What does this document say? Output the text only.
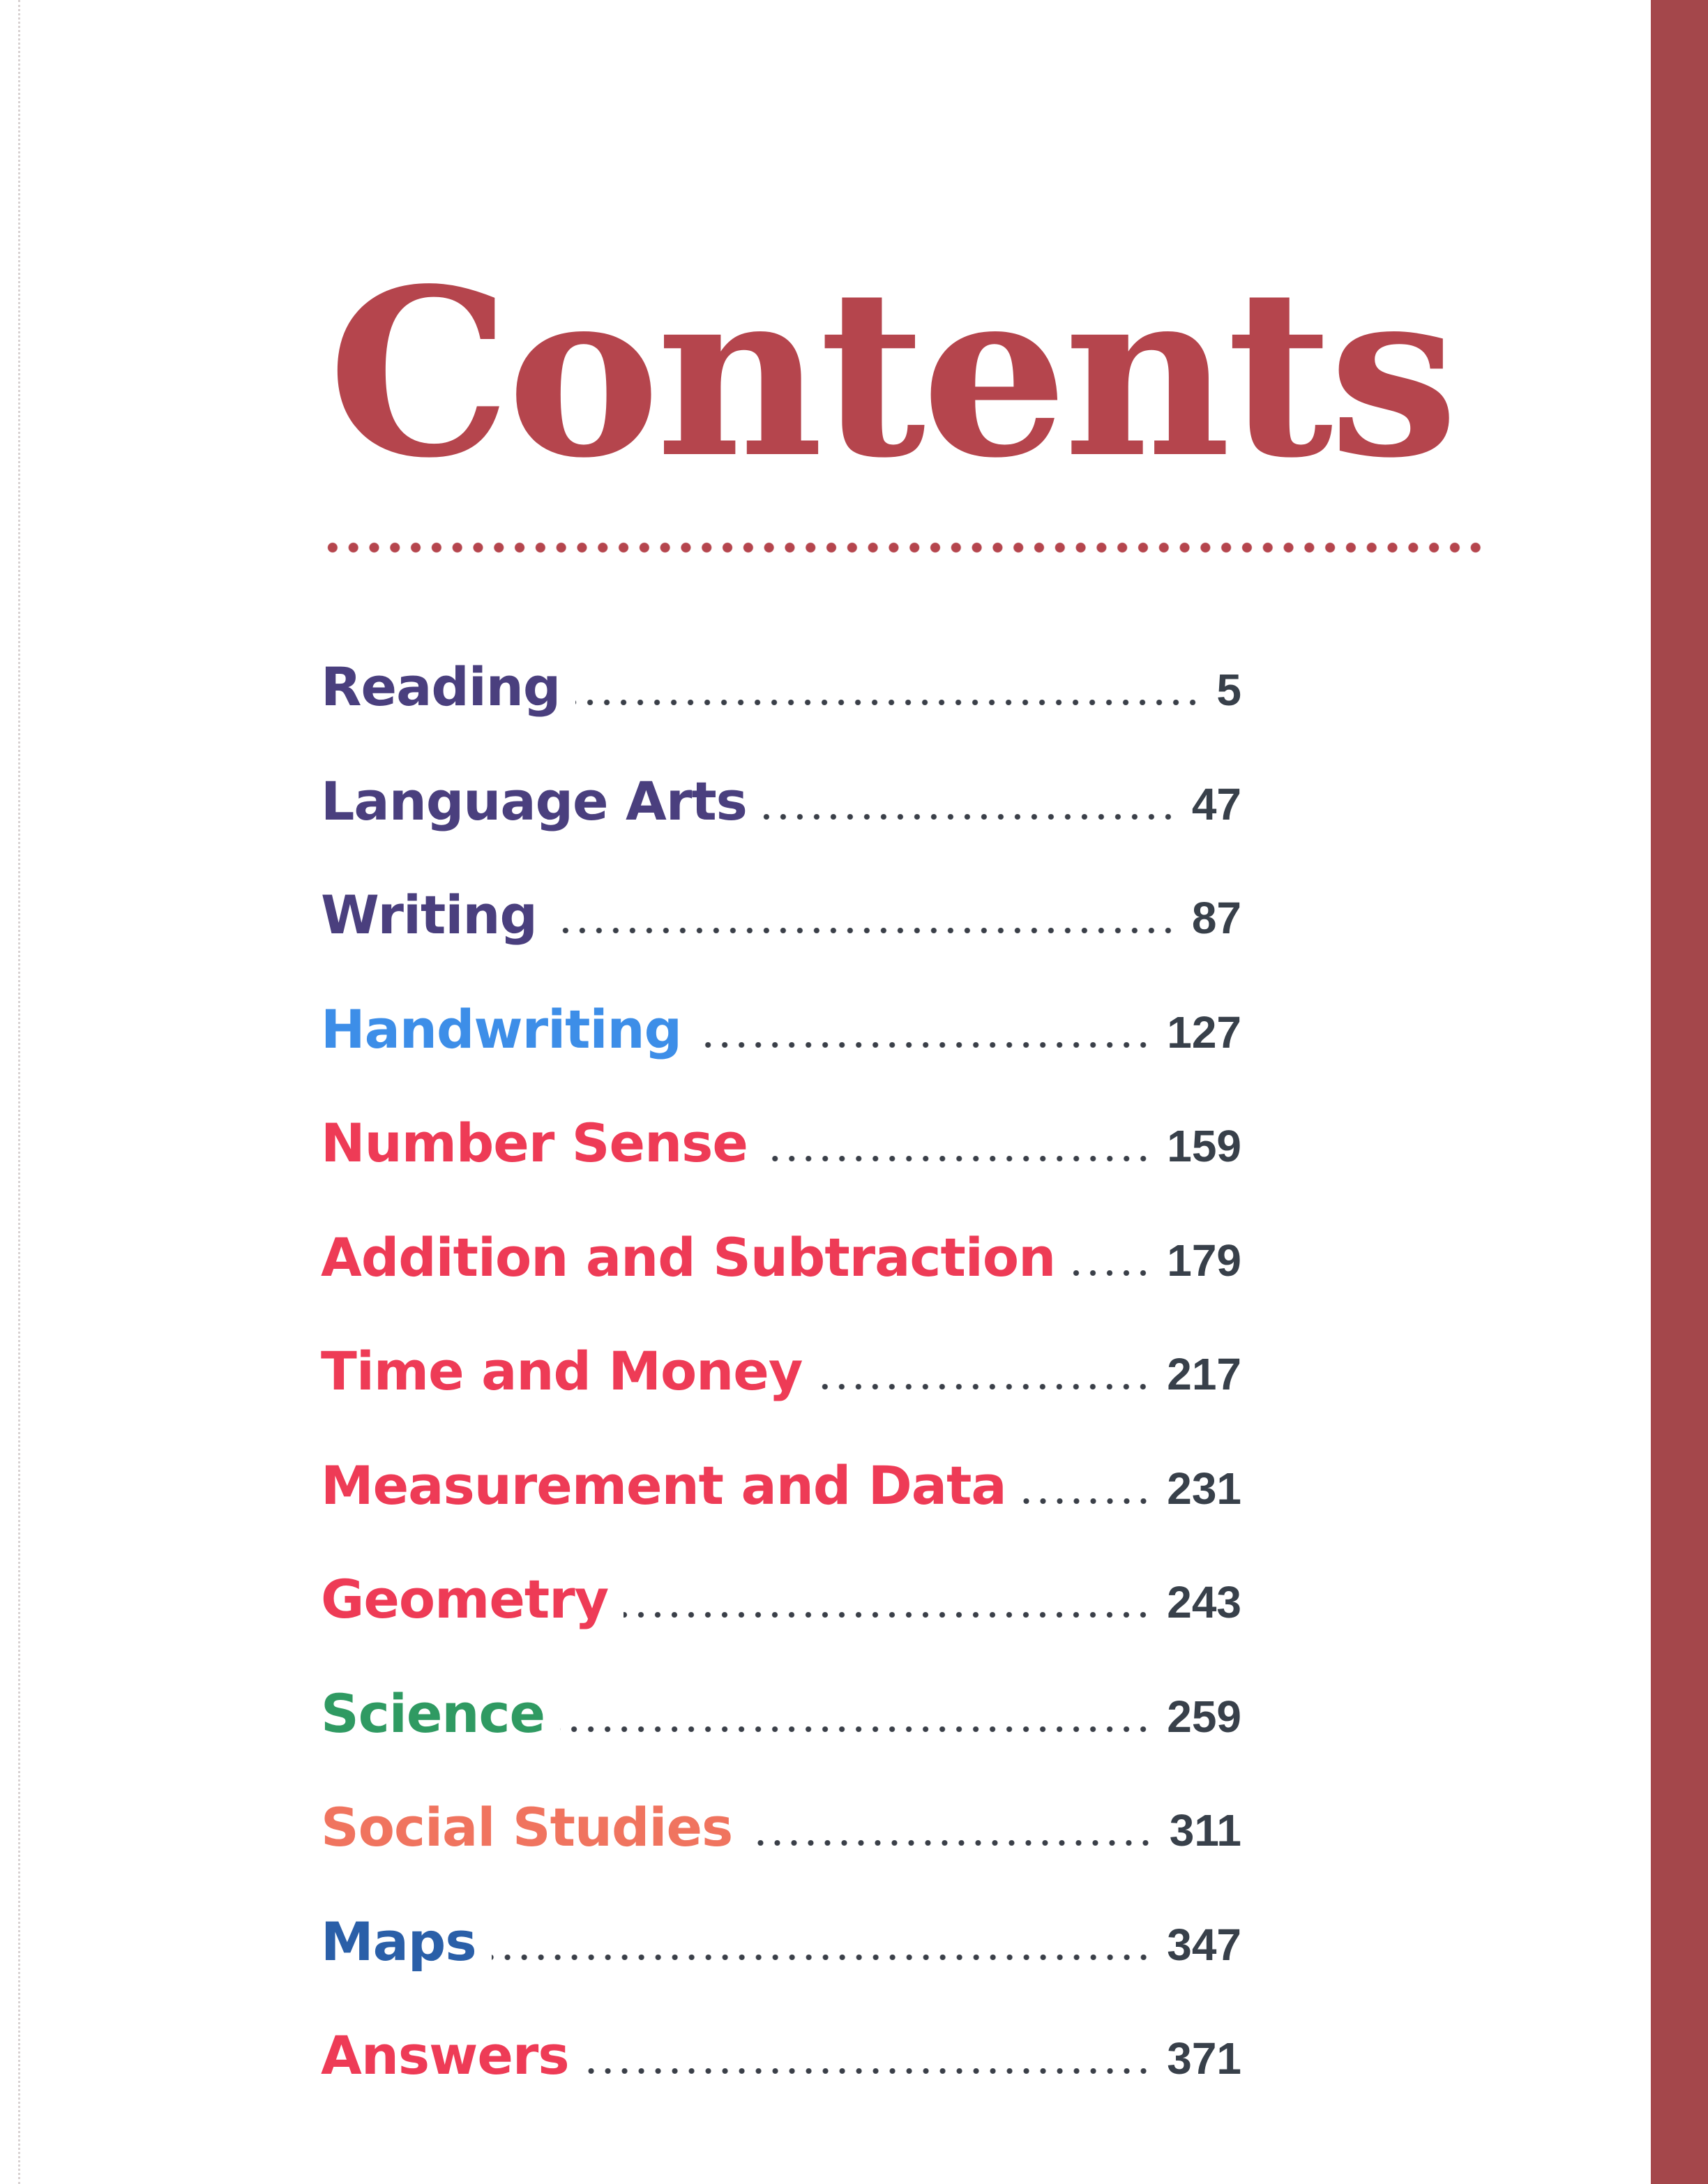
Contents
Reading	5
Language Arts	47
Writing	87
Handwriting	127
Number Sense	159
Addition and Subtraction	179
Time and Money	217
Measurement and Data	231
Geometry	243
Science	259
Social Studies	311
Maps	347
Answers	371
